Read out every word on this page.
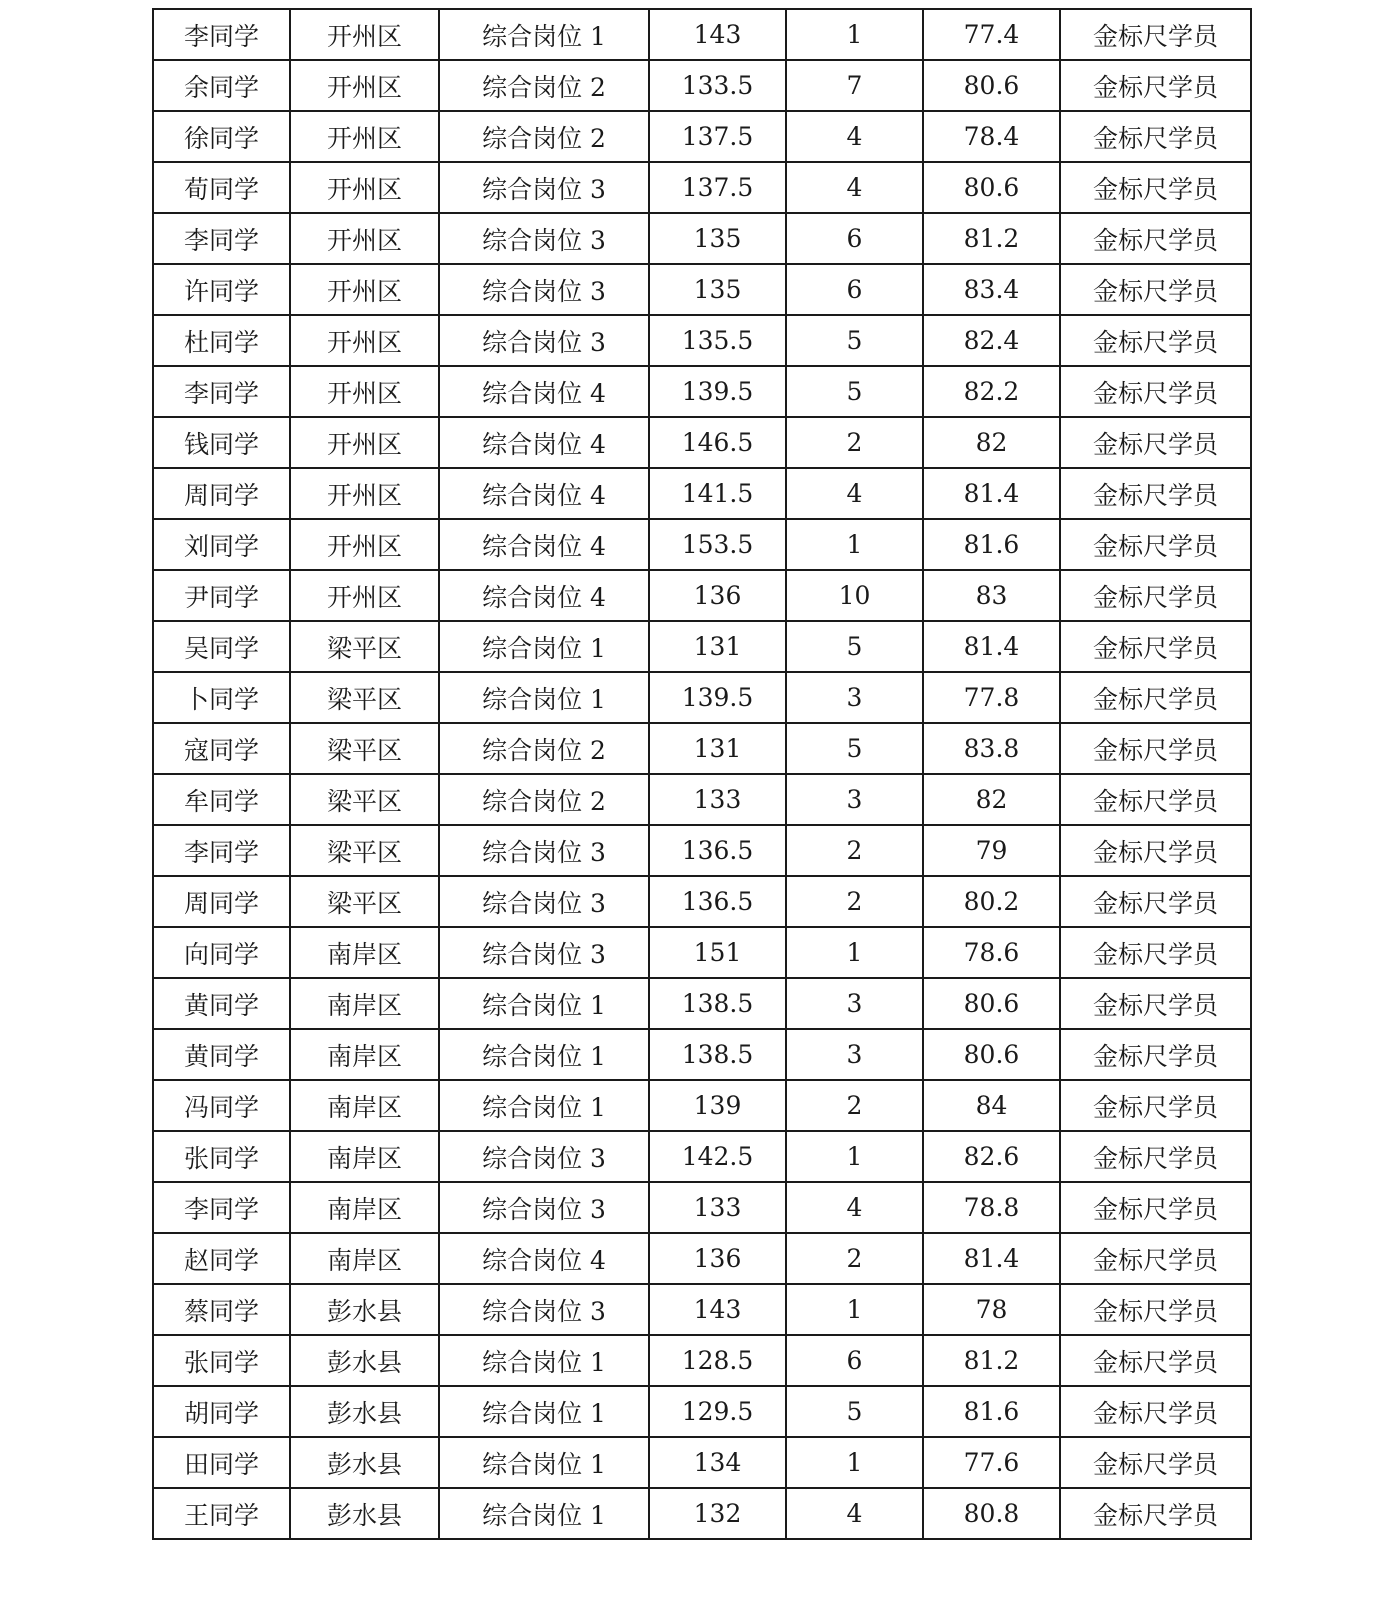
李同学	开州区	综合岗位 1	143	1	77.4	金标尺学员
余同学	开州区	综合岗位 2	133.5	7	80.6	金标尺学员
徐同学	开州区	综合岗位 2	137.5	4	78.4	金标尺学员
荀同学	开州区	综合岗位 3	137.5	4	80.6	金标尺学员
李同学	开州区	综合岗位 3	135	6	81.2	金标尺学员
许同学	开州区	综合岗位 3	135	6	83.4	金标尺学员
杜同学	开州区	综合岗位 3	135.5	5	82.4	金标尺学员
李同学	开州区	综合岗位 4	139.5	5	82.2	金标尺学员
钱同学	开州区	综合岗位 4	146.5	2	82	金标尺学员
周同学	开州区	综合岗位 4	141.5	4	81.4	金标尺学员
刘同学	开州区	综合岗位 4	153.5	1	81.6	金标尺学员
尹同学	开州区	综合岗位 4	136	10	83	金标尺学员
吴同学	梁平区	综合岗位 1	131	5	81.4	金标尺学员
卜同学	梁平区	综合岗位 1	139.5	3	77.8	金标尺学员
寇同学	梁平区	综合岗位 2	131	5	83.8	金标尺学员
牟同学	梁平区	综合岗位 2	133	3	82	金标尺学员
李同学	梁平区	综合岗位 3	136.5	2	79	金标尺学员
周同学	梁平区	综合岗位 3	136.5	2	80.2	金标尺学员
向同学	南岸区	综合岗位 3	151	1	78.6	金标尺学员
黄同学	南岸区	综合岗位 1	138.5	3	80.6	金标尺学员
黄同学	南岸区	综合岗位 1	138.5	3	80.6	金标尺学员
冯同学	南岸区	综合岗位 1	139	2	84	金标尺学员
张同学	南岸区	综合岗位 3	142.5	1	82.6	金标尺学员
李同学	南岸区	综合岗位 3	133	4	78.8	金标尺学员
赵同学	南岸区	综合岗位 4	136	2	81.4	金标尺学员
蔡同学	彭水县	综合岗位 3	143	1	78	金标尺学员
张同学	彭水县	综合岗位 1	128.5	6	81.2	金标尺学员
胡同学	彭水县	综合岗位 1	129.5	5	81.6	金标尺学员
田同学	彭水县	综合岗位 1	134	1	77.6	金标尺学员
王同学	彭水县	综合岗位 1	132	4	80.8	金标尺学员
